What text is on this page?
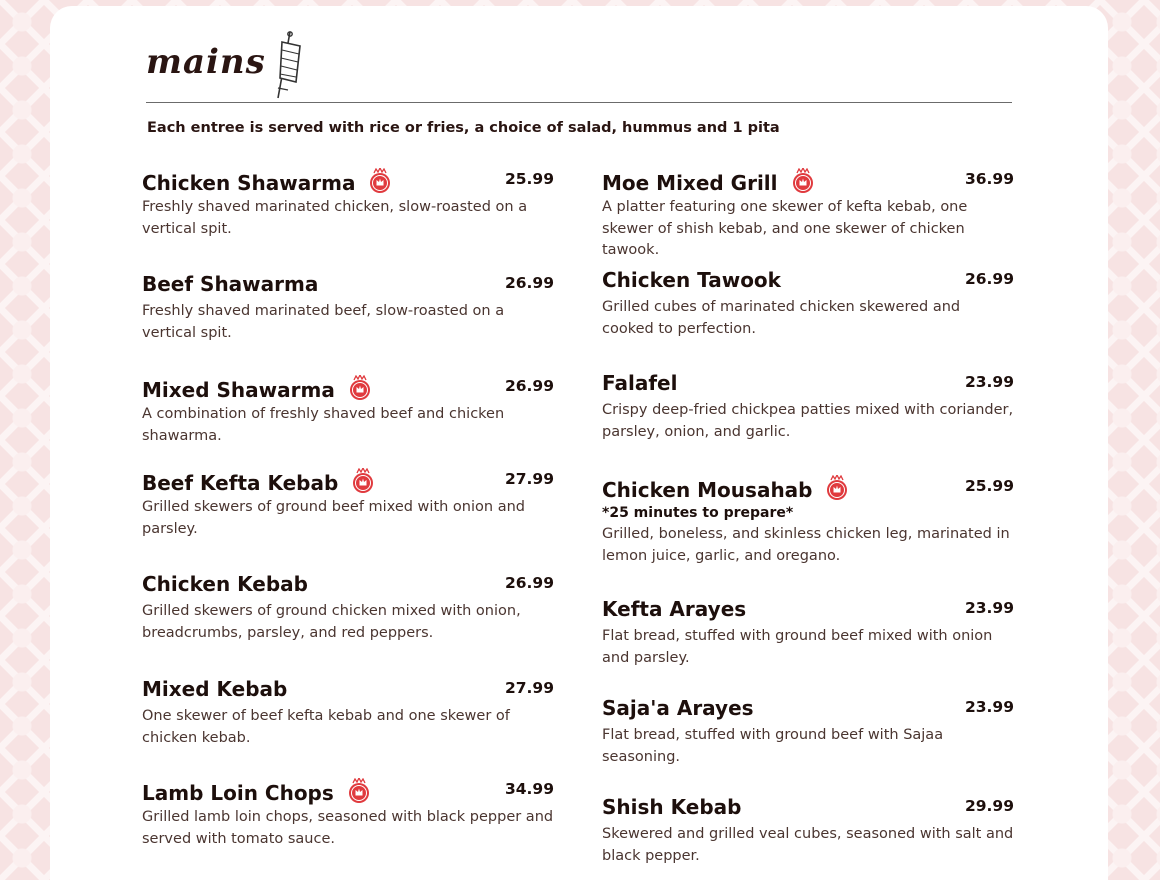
mains
Each entree is served with rice or fries, a choice of salad, hummus and 1 pita
Chicken Shawarma	25.99
Freshly shaved marinated chicken, slow-roasted on a vertical spit.
Beef Shawarma	26.99
Freshly shaved marinated beef, slow-roasted on a vertical spit.
Mixed Shawarma	26.99
A combination of freshly shaved beef and chicken shawarma.
Beef Kefta Kebab	27.99
Grilled skewers of ground beef mixed with onion and parsley.
Chicken Kebab	26.99
Grilled skewers of ground chicken mixed with onion, breadcrumbs, parsley, and red peppers.
Mixed Kebab	27.99
One skewer of beef kefta kebab and one skewer of chicken kebab.
Lamb Loin Chops	34.99
Grilled lamb loin chops, seasoned with black pepper and served with tomato sauce.
Moe Mixed Grill	36.99
A platter featuring one skewer of kefta kebab, one skewer of shish kebab, and one skewer of chicken tawook.
Chicken Tawook	26.99
Grilled cubes of marinated chicken skewered and cooked to perfection.
Falafel	23.99
Crispy deep-fried chickpea patties mixed with coriander, parsley, onion, and garlic.
Chicken Mousahab	25.99
*25 minutes to prepare*
Grilled, boneless, and skinless chicken leg, marinated in lemon juice, garlic, and oregano.
Kefta Arayes	23.99
Flat bread, stuffed with ground beef mixed with onion and parsley.
Saja'a Arayes	23.99
Flat bread, stuffed with ground beef with Sajaa seasoning.
Shish Kebab	29.99
Skewered and grilled veal cubes, seasoned with salt and black pepper.
